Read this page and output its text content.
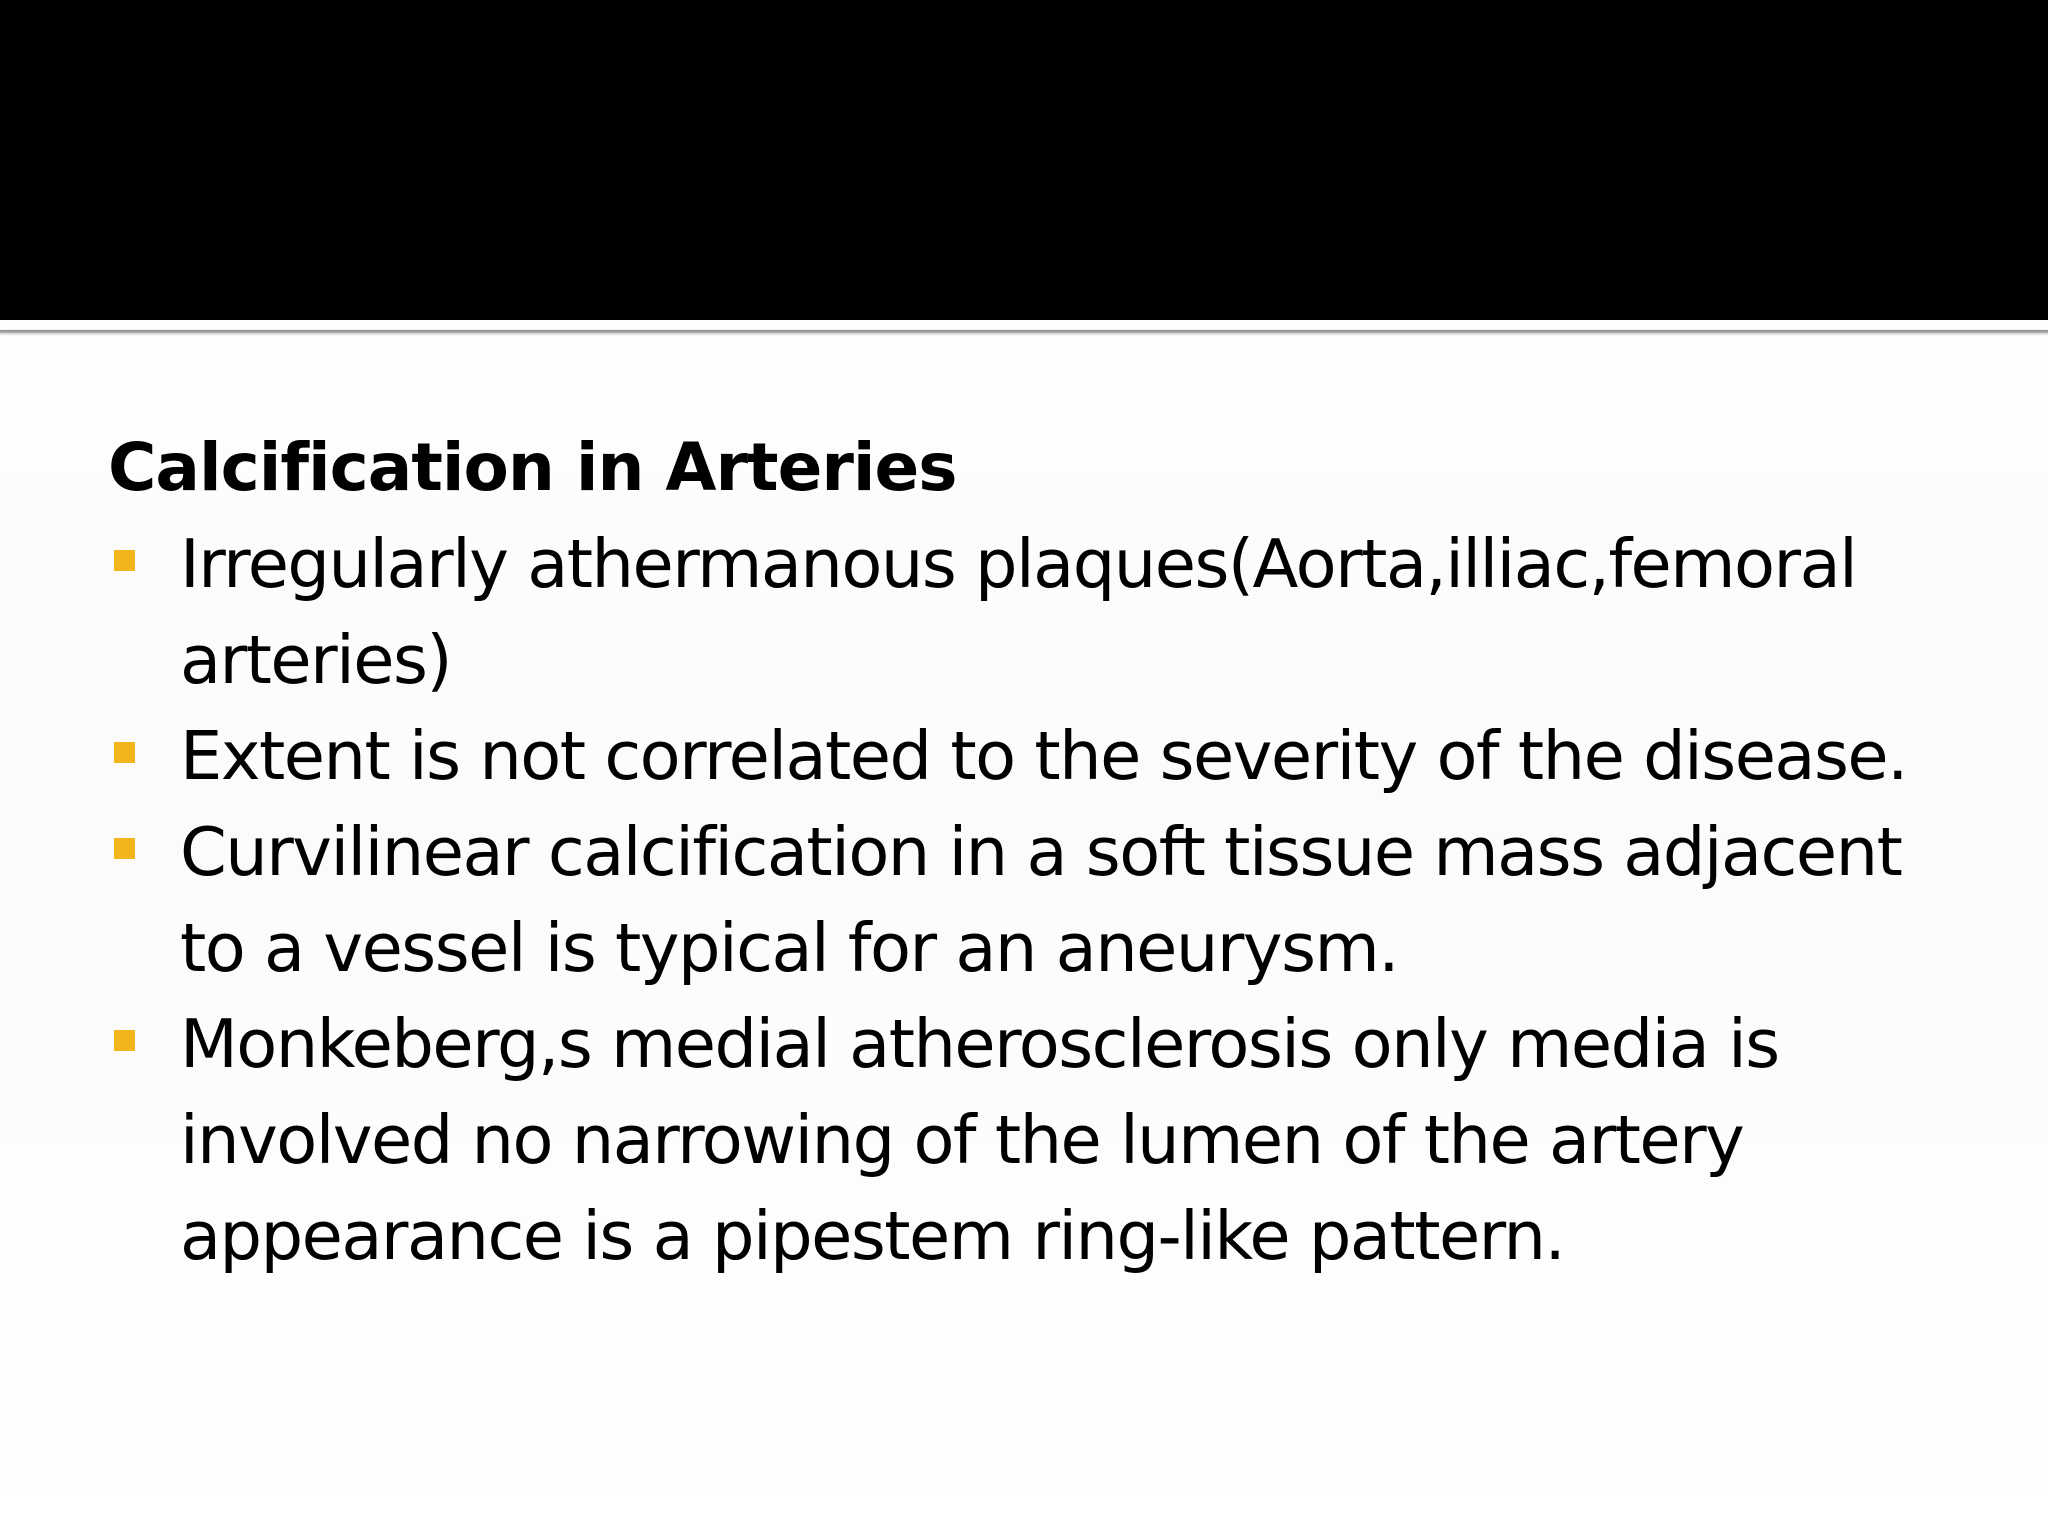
Calcification in Arteries
Irregularly athermanous plaques(Aorta,illiac,femoral arteries)
Extent is not correlated to the severity of the disease.
Curvilinear calcification in a soft tissue mass adjacent to a vessel is typical for an aneurysm.
Monkeberg,s medial atherosclerosis only media is involved no narrowing of the lumen of the artery appearance is a pipestem ring-like pattern.
